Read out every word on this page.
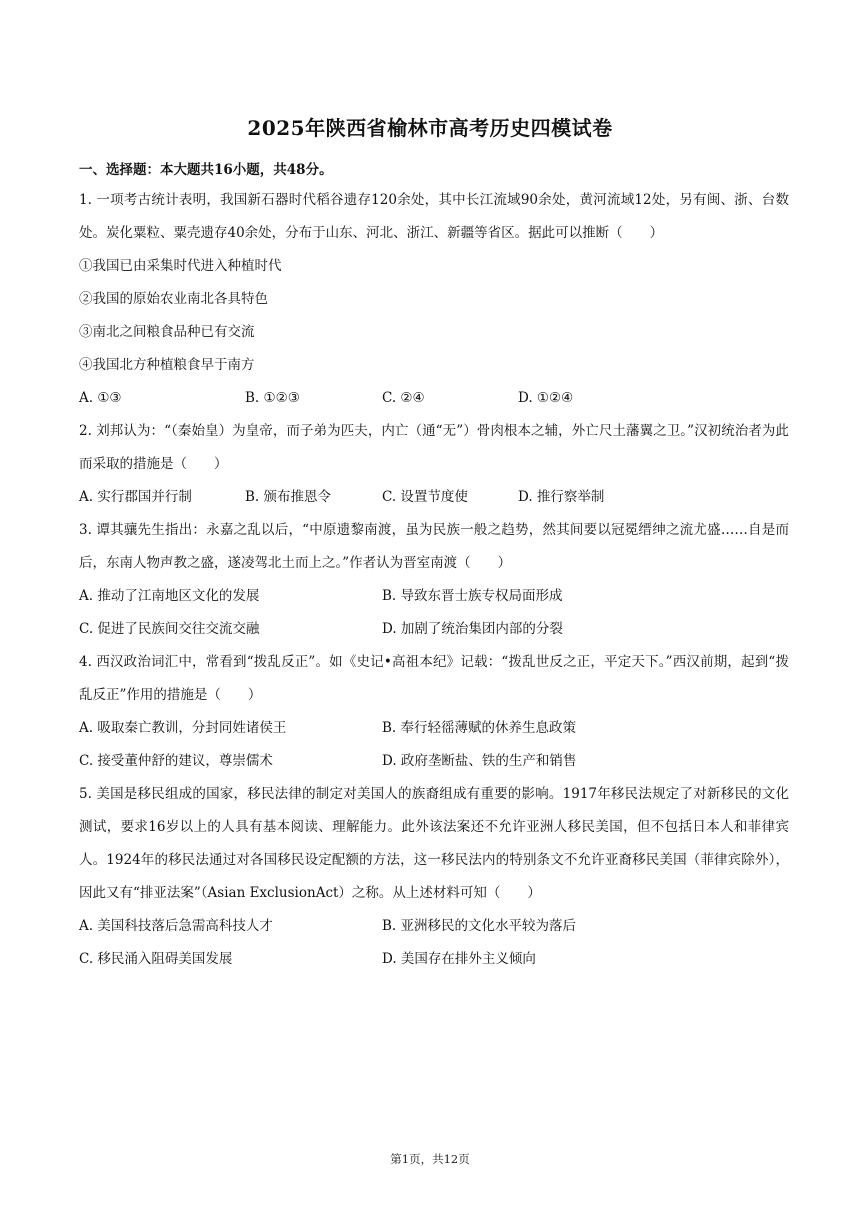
2025年陕西省榆林市高考历史四模试卷
一、选择题：本大题共16小题，共48分。

1. 一项考古统计表明，我国新石器时代稻谷遗存120余处，其中长江流域90余处，黄河流域12处，另有闽、浙、台数处。炭化粟粒、粟壳遗存40余处，分布于山东、河北、浙江、新疆等省区。据此可以推断（　　）

①我国已由采集时代进入种植时代

②我国的原始农业南北各具特色

③南北之间粮食品种已有交流

④我国北方种植粮食早于南方

A. ①③	B. ①②③	C. ②④	D. ①②④

2. 刘邦认为：“（秦始皇）为皇帝，而子弟为匹夫，内亡（通“无”）骨肉根本之辅，外亡尺土藩翼之卫。”汉初统治者为此而采取的措施是（　　）

A. 实行郡国并行制	B. 颁布推恩令	C. 设置节度使	D. 推行察举制

3. 谭其骧先生指出：永嘉之乱以后，“中原遗黎南渡，虽为民族一般之趋势，然其间要以冠冕缙绅之流尤盛……自是而后，东南人物声教之盛，遂凌驾北土而上之。”作者认为晋室南渡（　　）

A. 推动了江南地区文化的发展	B. 导致东晋士族专权局面形成
C. 促进了民族间交往交流交融	D. 加剧了统治集团内部的分裂

4. 西汉政治词汇中，常看到“拨乱反正”。如《史记•高祖本纪》记载：“拨乱世反之正，平定天下。”西汉前期，起到“拨乱反正”作用的措施是（　　）

A. 吸取秦亡教训，分封同姓诸侯王	B. 奉行轻徭薄赋的休养生息政策
C. 接受董仲舒的建议，尊崇儒术	D. 政府垄断盐、铁的生产和销售

5. 美国是移民组成的国家，移民法律的制定对美国人的族裔组成有重要的影响。1917年移民法规定了对新移民的文化测试，要求16岁以上的人具有基本阅读、理解能力。此外该法案还不允许亚洲人移民美国，但不包括日本人和菲律宾人。1924年的移民法通过对各国移民设定配额的方法，这一移民法内的特别条文不允许亚裔移民美国（菲律宾除外），因此又有“排亚法案”（Asian ExclusionAct）之称。从上述材料可知（　　）

A. 美国科技落后急需高科技人才	B. 亚洲移民的文化水平较为落后
C. 移民涌入阻碍美国发展	D. 美国存在排外主义倾向
第1页，共12页
